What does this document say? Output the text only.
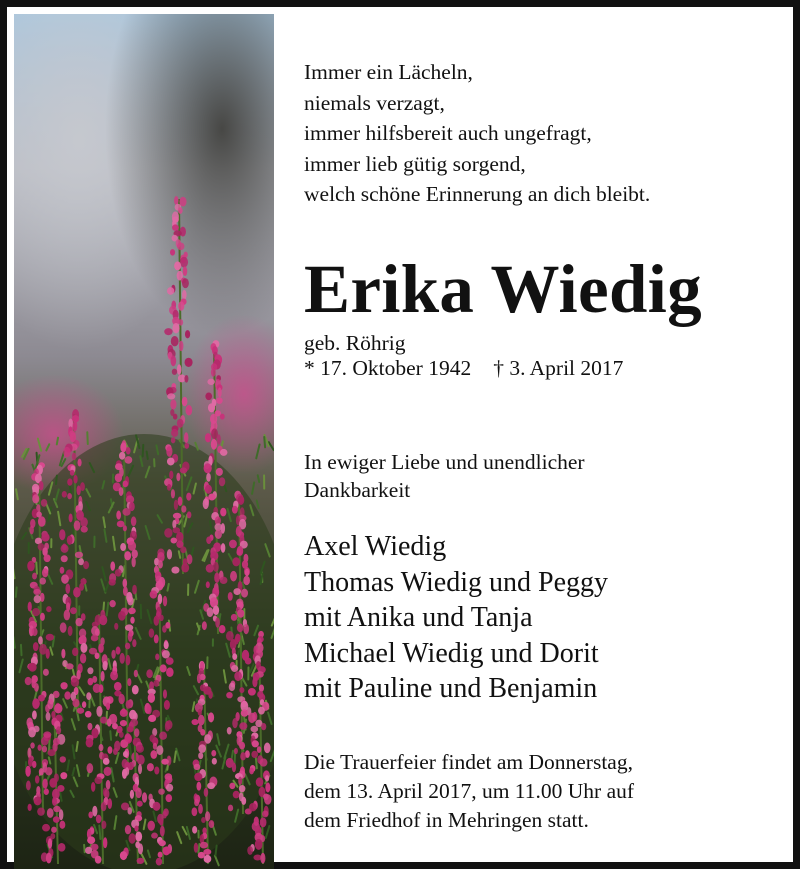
Immer ein Lächeln,
niemals verzagt,
immer hilfsbereit auch ungefragt,
immer lieb gütig sorgend,
welch schöne Erinnerung an dich bleibt.
Erika Wiedig
geb. Röhrig
* 17. Oktober 1942 † 3. April 2017
In ewiger Liebe und unendlicher
Dankbarkeit
Axel Wiedig
Thomas Wiedig und Peggy
mit Anika und Tanja
Michael Wiedig und Dorit
mit Pauline und Benjamin
Die Trauerfeier findet am Donnerstag,
dem 13. April 2017, um 11.00 Uhr auf
dem Friedhof in Mehringen statt.
